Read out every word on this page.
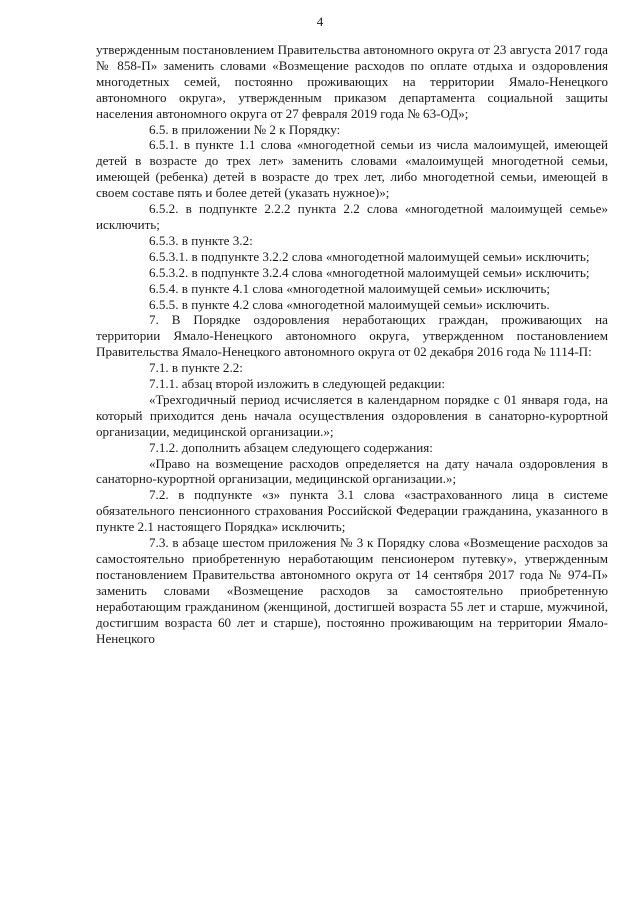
4

утвержденным постановлением Правительства автономного округа от 23 августа 2017 года № 858-П» заменить словами «Возмещение расходов по оплате отдыха и оздоровления многодетных семей, постоянно проживающих на территории Ямало-Ненецкого автономного округа», утвержденным приказом департамента социальной защиты населения автономного округа от 27 февраля 2019 года № 63-ОД»;

6.5. в приложении № 2 к Порядку:

6.5.1. в пункте 1.1 слова «многодетной семьи из числа малоимущей, имеющей детей в возрасте до трех лет» заменить словами «малоимущей многодетной семьи, имеющей (ребенка) детей в возрасте до трех лет, либо многодетной семьи, имеющей в своем составе пять и более детей (указать нужное)»;

6.5.2. в подпункте 2.2.2 пункта 2.2 слова «многодетной малоимущей семье» исключить;

6.5.3. в пункте 3.2:

6.5.3.1. в подпункте 3.2.2 слова «многодетной малоимущей семьи» исключить;

6.5.3.2. в подпункте 3.2.4 слова «многодетной малоимущей семьи» исключить;

6.5.4. в пункте 4.1 слова «многодетной малоимущей семьи» исключить;

6.5.5. в пункте 4.2 слова «многодетной малоимущей семьи» исключить.

7. В Порядке оздоровления неработающих граждан, проживающих на территории Ямало-Ненецкого автономного округа, утвержденном постановлением Правительства Ямало-Ненецкого автономного округа от 02 декабря 2016 года № 1114-П:

7.1. в пункте 2.2:

7.1.1. абзац второй изложить в следующей редакции:

«Трехгодичный период исчисляется в календарном порядке с 01 января года, на который приходится день начала осуществления оздоровления в санаторно-курортной организации, медицинской организации.»;

7.1.2. дополнить абзацем следующего содержания:

«Право на возмещение расходов определяется на дату начала оздоровления в санаторно-курортной организации, медицинской организации.»;

7.2. в подпункте «з» пункта 3.1 слова «застрахованного лица в системе обязательного пенсионного страхования Российской Федерации гражданина, указанного в пункте 2.1 настоящего Порядка» исключить;

7.3. в абзаце шестом приложения № 3 к Порядку слова «Возмещение расходов за самостоятельно приобретенную неработающим пенсионером путевку», утвержденным постановлением Правительства автономного округа от 14 сентября 2017 года № 974-П» заменить словами «Возмещение расходов за самостоятельно приобретенную неработающим гражданином (женщиной, достигшей возраста 55 лет и старше, мужчиной, достигшим возраста 60 лет и старше), постоянно проживающим на территории Ямало-Ненецкого
